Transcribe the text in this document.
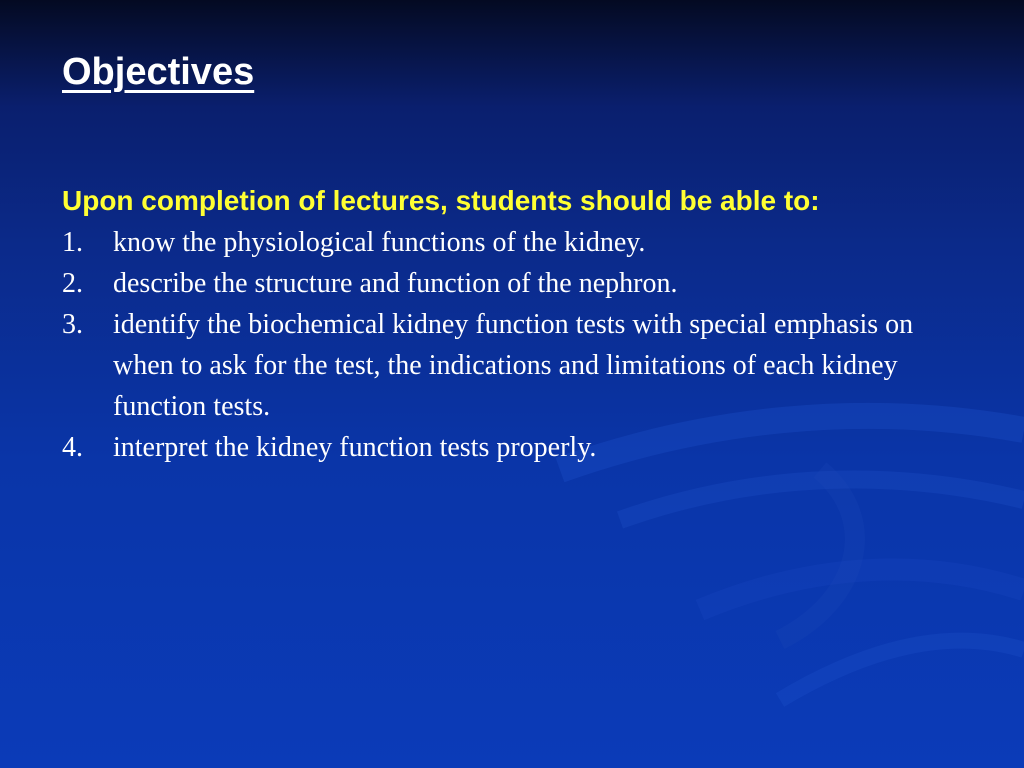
Objectives

Upon completion of lectures, students should be able to:

1.	know the physiological functions of the kidney.
2.	describe the structure and function of the nephron.
3.	identify the biochemical kidney function tests with special emphasis on when to ask for the test, the indications and limitations of each kidney function tests.
4.	interpret the kidney function tests properly.
